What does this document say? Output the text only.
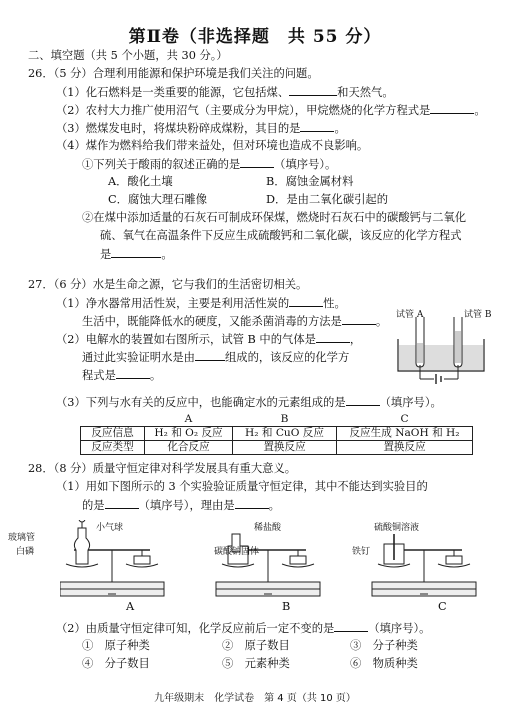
第Ⅱ卷（非选择题　共 55 分）
二、填空题（共 5 个小题，共 30 分。）
26．（5 分）合理利用能源和保护环境是我们关注的问题。
（1）化石燃料是一类重要的能源，它包括煤、	和天然气。
（2）农村大力推广使用沼气（主要成分为甲烷），甲烷燃烧的化学方程式是	。
（3）燃煤发电时，将煤块粉碎成煤粉，其目的是	。
（4）煤作为燃料给我们带来益处，但对环境也造成不良影响。
①下列关于酸雨的叙述正确的是	（填序号）。
A．酸化土壤	B．腐蚀金属材料
C．腐蚀大理石雕像	D．是由二氧化碳引起的
②在煤中添加适量的石灰石可制成环保煤，燃烧时石灰石中的碳酸钙与二氧化
硫、氧气在高温条件下反应生成硫酸钙和二氧化碳，该反应的化学方程式
是	。
27．（6 分）水是生命之源，它与我们的生活密切相关。
（1）净水器常用活性炭，主要是利用活性炭的	性。
生活中，既能降低水的硬度，又能杀菌消毒的方法是	。
（2）电解水的装置如右图所示，试管 B 中的气体是	，
通过此实验证明水是由	组成的，该反应的化学方
程式是	。
试管 A	试管 B
（3）下列与水有关的反应中，也能确定水的元素组成的是	（填序号）。
	A	B	C
反应信息	H₂ 和 O₂ 反应	H₂ 和 CuO 反应	反应生成 NaOH 和 H₂
反应类型	化合反应	置换反应	置换反应
28．（8 分）质量守恒定律对科学发展具有重大意义。
（1）用如下图所示的 3 个实验验证质量守恒定律，其中不能达到实验目的
的是	（填序号），理由是	。
玻璃管
小气球
白磷
稀盐酸
碳酸钠固体
硫酸铜溶液
铁钉
A	B	C
（2）由质量守恒定律可知，化学反应前后一定不变的是	（填序号）。
①　原子种类	②　原子数目	③　分子种类
④　分子数目	⑤　元素种类	⑥　物质种类
九年级期末　化学试卷　第 4 页（共 10 页）
